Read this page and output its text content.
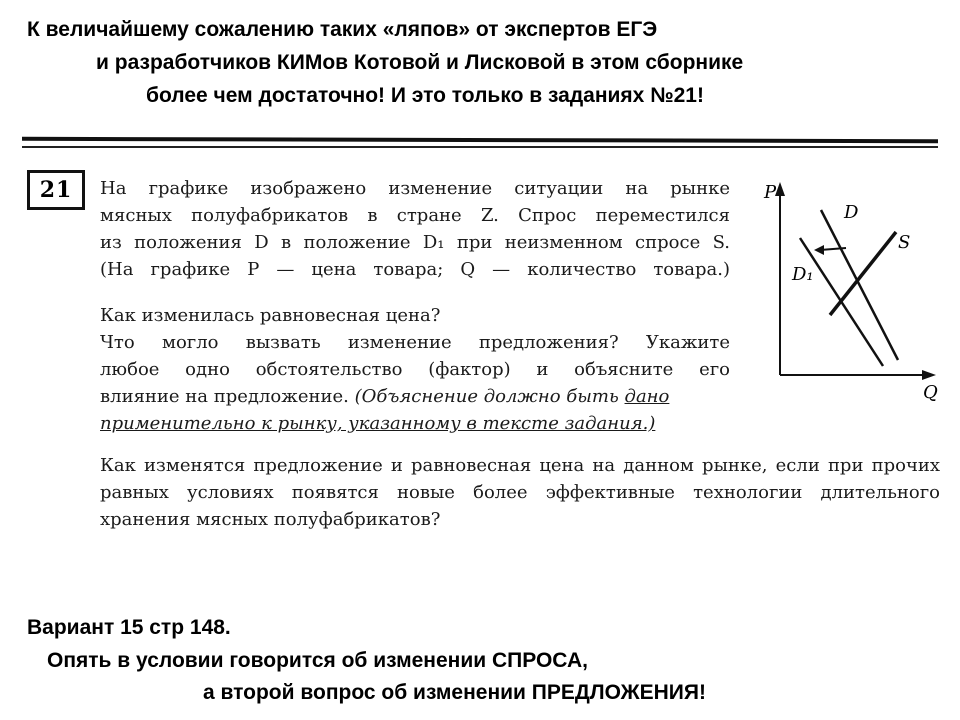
К величайшему сожалению таких «ляпов» от экспертов ЕГЭ
и разработчиков КИМов Котовой и Лисковой в этом сборнике
более чем достаточно! И это только в заданиях №21!
21	На графике изображено изменение ситуации на рынке
мясных полуфабрикатов в стране Z. Спрос переместился
из положения D в положение D₁ при неизменном спросе S.
(На графике P — цена товара; Q — количество товара.)
Как изменилась равновесная цена?
Что могло вызвать изменение предложения? Укажите
любое одно обстоятельство (фактор) и объясните его
влияние на предложение. (Объяснение должно быть дано
применительно к рынку, указанному в тексте задания.)
Как изменятся предложение и равновесная цена на данном рынке, если при прочих
равных условиях появятся новые более эффективные технологии длительного
хранения мясных полуфабрикатов?
P
Q
D
D₁
S
Вариант 15 стр 148.
Опять в условии говорится об изменении СПРОСА,
а второй вопрос об изменении ПРЕДЛОЖЕНИЯ!
